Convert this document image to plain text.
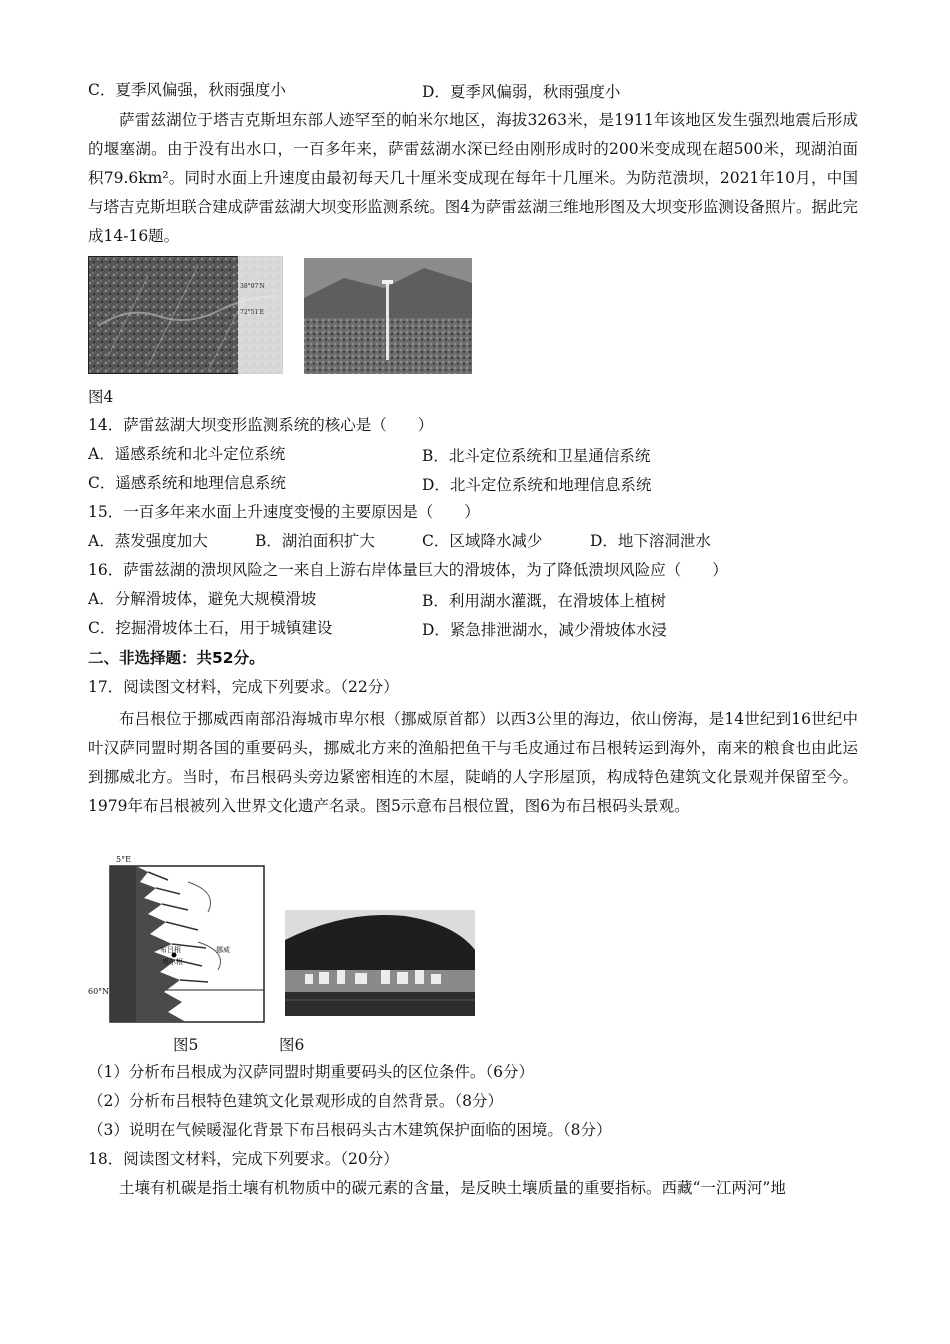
C．夏季风偏强，秋雨强度小	D．夏季风偏弱，秋雨强度小
萨雷兹湖位于塔吉克斯坦东部人迹罕至的帕米尔地区，海拔3263米，是1911年该地区发生强烈地震后形成的堰塞湖。由于没有出水口，一百多年来，萨雷兹湖水深已经由刚形成时的200米变成现在超500米，现湖泊面积79.6km²。同时水面上升速度由最初每天几十厘米变成现在每年十几厘米。为防范溃坝，2021年10月，中国与塔吉克斯坦联合建成萨雷兹湖大坝变形监测系统。图4为萨雷兹湖三维地形图及大坝变形监测设备照片。据此完成14-16题。
38°07′N
72°51′E
图4
14．萨雷兹湖大坝变形监测系统的核心是（　　）
A．遥感系统和北斗定位系统	B．北斗定位系统和卫星通信系统
C．遥感系统和地理信息系统	D．北斗定位系统和地理信息系统
15．一百多年来水面上升速度变慢的主要原因是（　　）
A．蒸发强度加大	B．湖泊面积扩大	C．区域降水减少	D．地下溶洞泄水
16．萨雷兹湖的溃坝风险之一来自上游右岸体量巨大的滑坡体，为了降低溃坝风险应（　　）
A．分解滑坡体，避免大规模滑坡	B．利用湖水灌溉，在滑坡体上植树
C．挖掘滑坡体土石，用于城镇建设	D．紧急排泄湖水，减少滑坡体水浸
二、非选择题：共52分。
17．阅读图文材料，完成下列要求。（22分）
布吕根位于挪威西南部沿海城市卑尔根（挪威原首都）以西3公里的海边，依山傍海，是14世纪到16世纪中叶汉萨同盟时期各国的重要码头，挪威北方来的渔船把鱼干与毛皮通过布吕根转运到海外，南来的粮食也由此运到挪威北方。当时，布吕根码头旁边紧密相连的木屋，陡峭的人字形屋顶，构成特色建筑文化景观并保留至今。1979年布吕根被列入世界文化遗产名录。图5示意布吕根位置，图6为布吕根码头景观。
5°E
60°N
布吕根
卑尔根
挪威
图5	图6
（1）分析布吕根成为汉萨同盟时期重要码头的区位条件。（6分）
（2）分析布吕根特色建筑文化景观形成的自然背景。（8分）
（3）说明在气候暖湿化背景下布吕根码头古木建筑保护面临的困境。（8分）
18．阅读图文材料，完成下列要求。（20分）
土壤有机碳是指土壤有机物质中的碳元素的含量，是反映土壤质量的重要指标。西藏“一江两河”地
